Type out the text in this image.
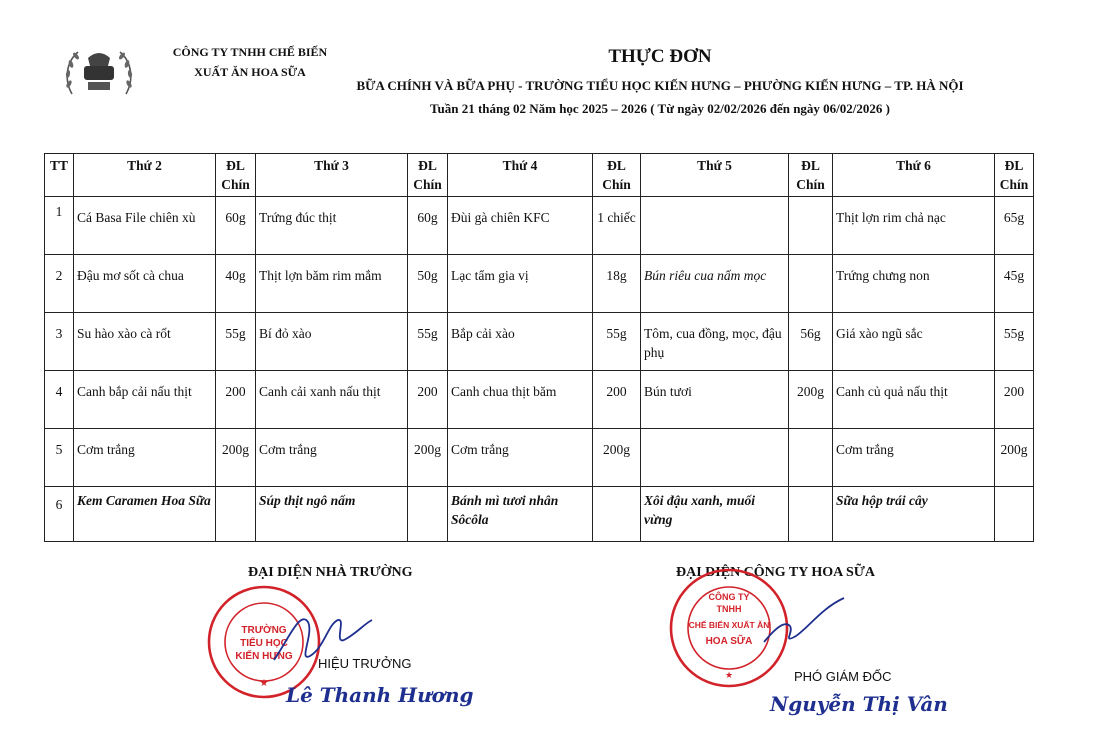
CÔNG TY TNHH CHẾ BIẾN
XUẤT ĂN HOA SỮA
THỰC ĐƠN
BỮA CHÍNH VÀ BỮA PHỤ - TRƯỜNG TIỂU HỌC KIẾN HƯNG – PHƯỜNG KIẾN HƯNG – TP. HÀ NỘI
Tuần 21 tháng 02 Năm học 2025 – 2026 ( Từ ngày 02/02/2026 đến ngày 06/02/2026 )
TT	Thứ 2	ĐL Chín	Thứ 3	ĐL Chín	Thứ 4	ĐL Chín	Thứ 5	ĐL Chín	Thứ 6	ĐL Chín
1	Cá Basa File chiên xù	60g	Trứng đúc thịt	60g	Đùi gà chiên KFC	1 chiếc			Thịt lợn rim chả nạc	65g
2	Đậu mơ sốt cà chua	40g	Thịt lợn băm rim mắm	50g	Lạc tẩm gia vị	18g	Bún riêu cua nấm mọc		Trứng chưng non	45g
3	Su hào xào cà rốt	55g	Bí đỏ xào	55g	Bắp cải xào	55g	Tôm, cua đồng, mọc, đậu phụ	56g	Giá xào ngũ sắc	55g
4	Canh bắp cải nấu thịt	200	Canh cải xanh nấu thịt	200	Canh chua thịt băm	200	Bún tươi	200g	Canh củ quả nấu thịt	200
5	Cơm trắng	200g	Cơm trắng	200g	Cơm trắng	200g			Cơm trắng	200g
6	Kem Caramen Hoa Sữa		Súp thịt ngô nấm		Bánh mì tươi nhân Sôcôla		Xôi đậu xanh, muối vừng		Sữa hộp trái cây	
ĐẠI DIỆN NHÀ TRƯỜNG
TRƯỜNG
TIỂU HỌC
KIẾN HƯNG
★
HIỆU TRƯỞNG
Lê Thanh Hương
ĐẠI DIỆN CÔNG TY HOA SỮA
CÔNG TY
TNHH
CHẾ BIẾN XUẤT ĂN
HOA SỮA
★	PHÓ GIÁM ĐỐC
Nguyễn Thị Vân
